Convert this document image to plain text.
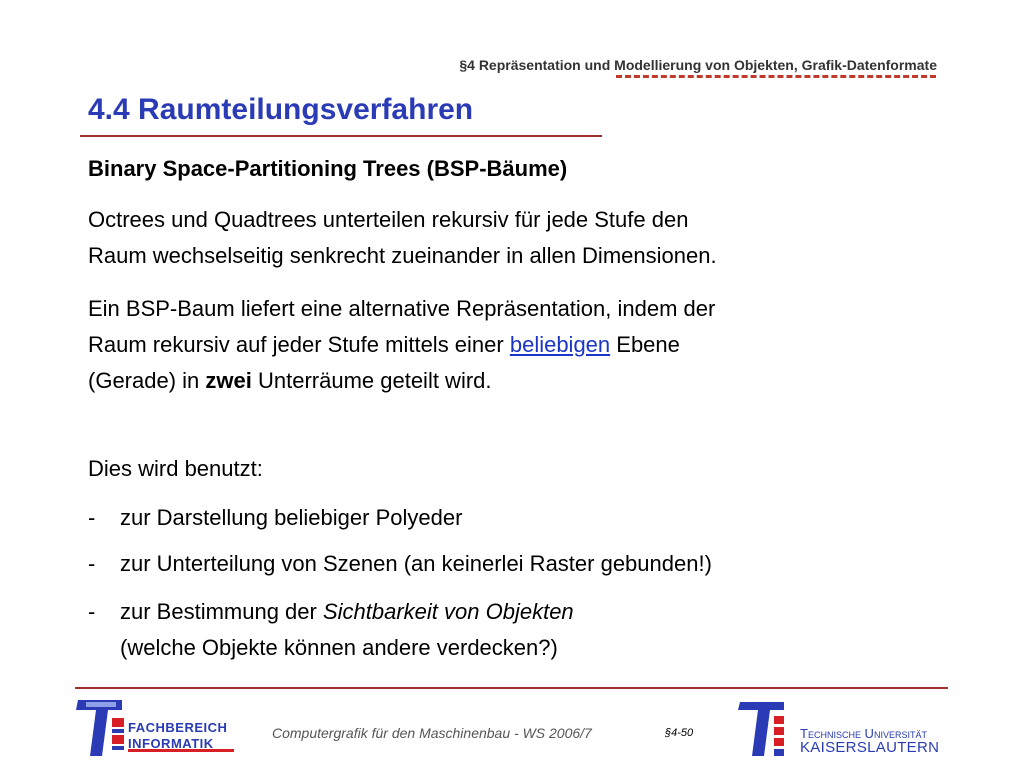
§4 Repräsentation und Modellierung von Objekten, Grafik-Datenformate
4.4 Raumteilungsverfahren
Binary Space-Partitioning Trees (BSP-Bäume)
Octrees und Quadtrees unterteilen rekursiv für jede Stufe den
Raum wechselseitig senkrecht zueinander in allen Dimensionen.
Ein BSP-Baum liefert eine alternative Repräsentation, indem der
Raum rekursiv auf jeder Stufe mittels einer beliebigen Ebene
(Gerade) in zwei Unterräume geteilt wird.
Dies wird benutzt:
- zur Darstellung beliebiger Polyeder
- zur Unterteilung von Szenen (an keinerlei Raster gebunden!)
- zur Bestimmung der Sichtbarkeit von Objekten
(welche Objekte können andere verdecken?)
FACHBEREICH
INFORMATIK
Computergrafik für den Maschinenbau - WS 2006/7	§4-50	Technische Universität
KAISERSLAUTERN
